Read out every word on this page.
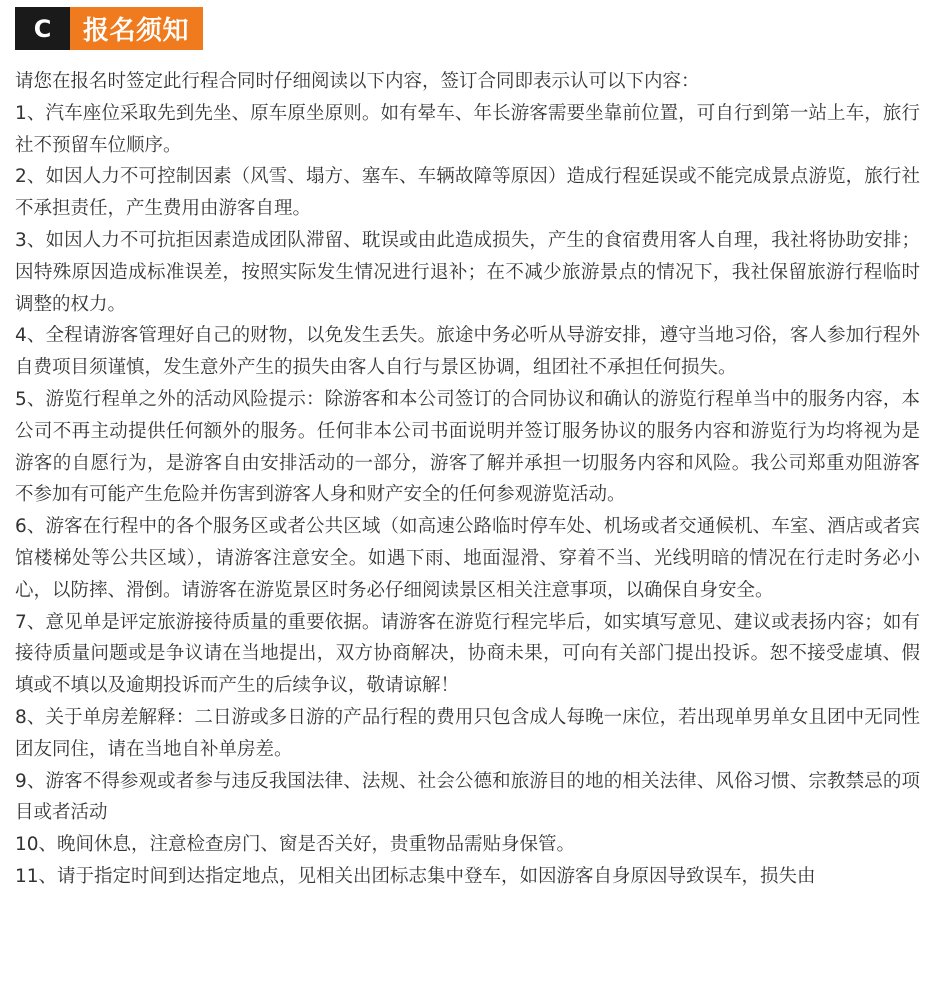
C	报名须知

请您在报名时签定此行程合同时仔细阅读以下内容，签订合同即表示认可以下内容：

1、汽车座位采取先到先坐、原车原坐原则。如有晕车、年长游客需要坐靠前位置，可自行到第一站上车，旅行社不预留车位顺序。

2、如因人力不可控制因素（风雪、塌方、塞车、车辆故障等原因）造成行程延误或不能完成景点游览，旅行社不承担责任，产生费用由游客自理。

3、如因人力不可抗拒因素造成团队滞留、耽误或由此造成损失，产生的食宿费用客人自理，我社将协助安排；因特殊原因造成标准误差，按照实际发生情况进行退补；在不减少旅游景点的情况下，我社保留旅游行程临时调整的权力。

4、全程请游客管理好自己的财物，以免发生丢失。旅途中务必听从导游安排，遵守当地习俗，客人参加行程外自费项目须谨慎，发生意外产生的损失由客人自行与景区协调，组团社不承担任何损失。

5、游览行程单之外的活动风险提示：除游客和本公司签订的合同协议和确认的游览行程单当中的服务内容，本公司不再主动提供任何额外的服务。任何非本公司书面说明并签订服务协议的服务内容和游览行为均将视为是游客的自愿行为，是游客自由安排活动的一部分，游客了解并承担一切服务内容和风险。我公司郑重劝阻游客不参加有可能产生危险并伤害到游客人身和财产安全的任何参观游览活动。

6、游客在行程中的各个服务区或者公共区域（如高速公路临时停车处、机场或者交通候机、车室、酒店或者宾馆楼梯处等公共区域），请游客注意安全。如遇下雨、地面湿滑、穿着不当、光线明暗的情况在行走时务必小心，以防摔、滑倒。请游客在游览景区时务必仔细阅读景区相关注意事项，以确保自身安全。

7、意见单是评定旅游接待质量的重要依据。请游客在游览行程完毕后，如实填写意见、建议或表扬内容；如有接待质量问题或是争议请在当地提出，双方协商解决，协商未果，可向有关部门提出投诉。恕不接受虚填、假填或不填以及逾期投诉而产生的后续争议，敬请谅解！

8、关于单房差解释：二日游或多日游的产品行程的费用只包含成人每晚一床位，若出现单男单女且团中无同性团友同住，请在当地自补单房差。

9、游客不得参观或者参与违反我国法律、法规、社会公德和旅游目的地的相关法律、风俗习惯、宗教禁忌的项目或者活动

10、晚间休息，注意检查房门、窗是否关好，贵重物品需贴身保管。

11、请于指定时间到达指定地点，见相关出团标志集中登车，如因游客自身原因导致误车，损失由
